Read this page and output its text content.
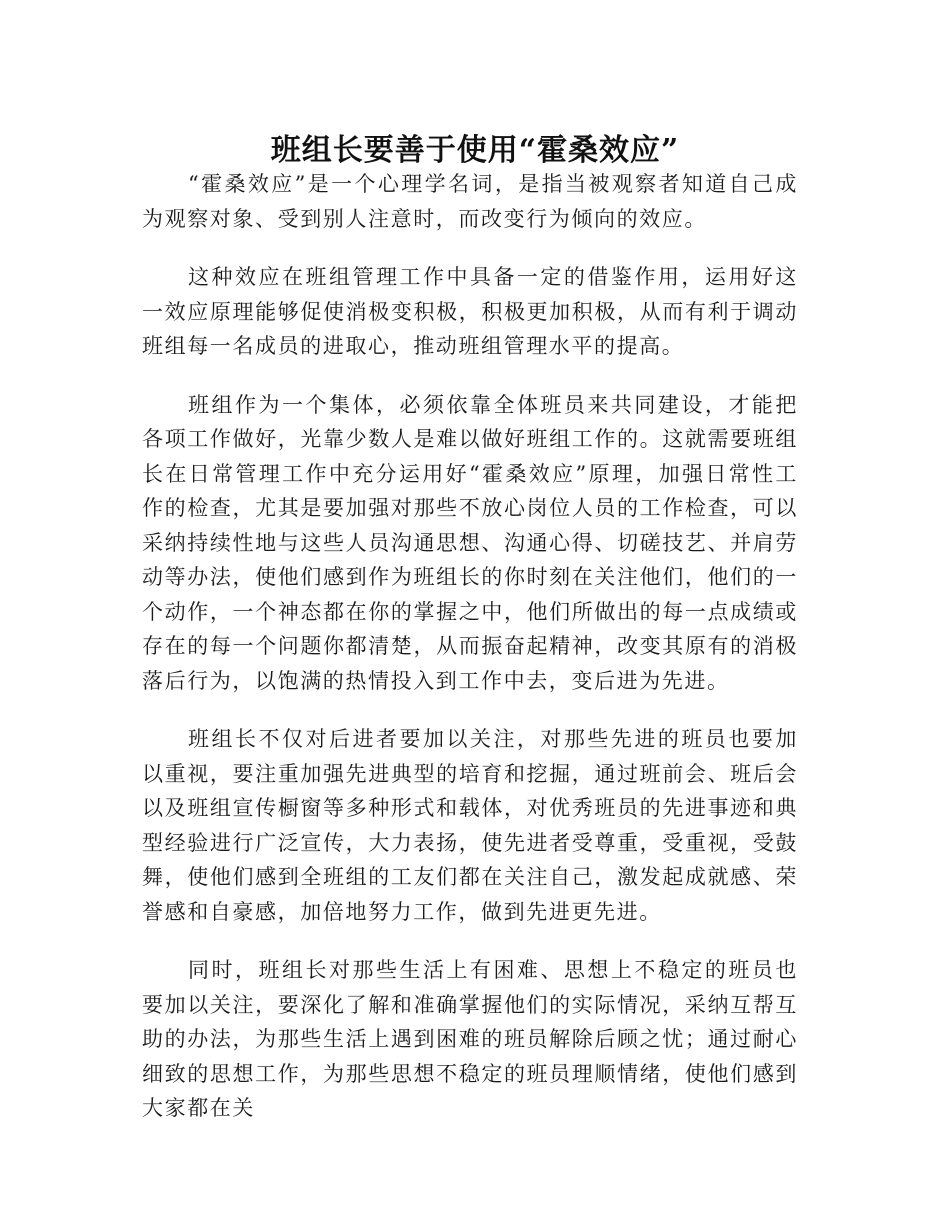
班组长要善于使用“霍桑效应”

“霍桑效应”是一个心理学名词，是指当被观察者知道自己成为观察对象、受到别人注意时，而改变行为倾向的效应。

这种效应在班组管理工作中具备一定的借鉴作用，运用好这一效应原理能够促使消极变积极，积极更加积极，从而有利于调动班组每一名成员的进取心，推动班组管理水平的提高。

班组作为一个集体，必须依靠全体班员来共同建设，才能把各项工作做好，光靠少数人是难以做好班组工作的。这就需要班组长在日常管理工作中充分运用好“霍桑效应”原理，加强日常性工作的检查，尤其是要加强对那些不放心岗位人员的工作检查，可以采纳持续性地与这些人员沟通思想、沟通心得、切磋技艺、并肩劳动等办法，使他们感到作为班组长的你时刻在关注他们，他们的一个动作，一个神态都在你的掌握之中，他们所做出的每一点成绩或存在的每一个问题你都清楚，从而振奋起精神，改变其原有的消极落后行为，以饱满的热情投入到工作中去，变后进为先进。

班组长不仅对后进者要加以关注，对那些先进的班员也要加以重视，要注重加强先进典型的培育和挖掘，通过班前会、班后会以及班组宣传橱窗等多种形式和载体，对优秀班员的先进事迹和典型经验进行广泛宣传，大力表扬，使先进者受尊重，受重视，受鼓舞，使他们感到全班组的工友们都在关注自己，激发起成就感、荣誉感和自豪感，加倍地努力工作，做到先进更先进。

同时，班组长对那些生活上有困难、思想上不稳定的班员也要加以关注，要深化了解和准确掌握他们的实际情况，采纳互帮互助的办法，为那些生活上遇到困难的班员解除后顾之忧；通过耐心细致的思想工作，为那些思想不稳定的班员理顺情绪，使他们感到大家都在关
